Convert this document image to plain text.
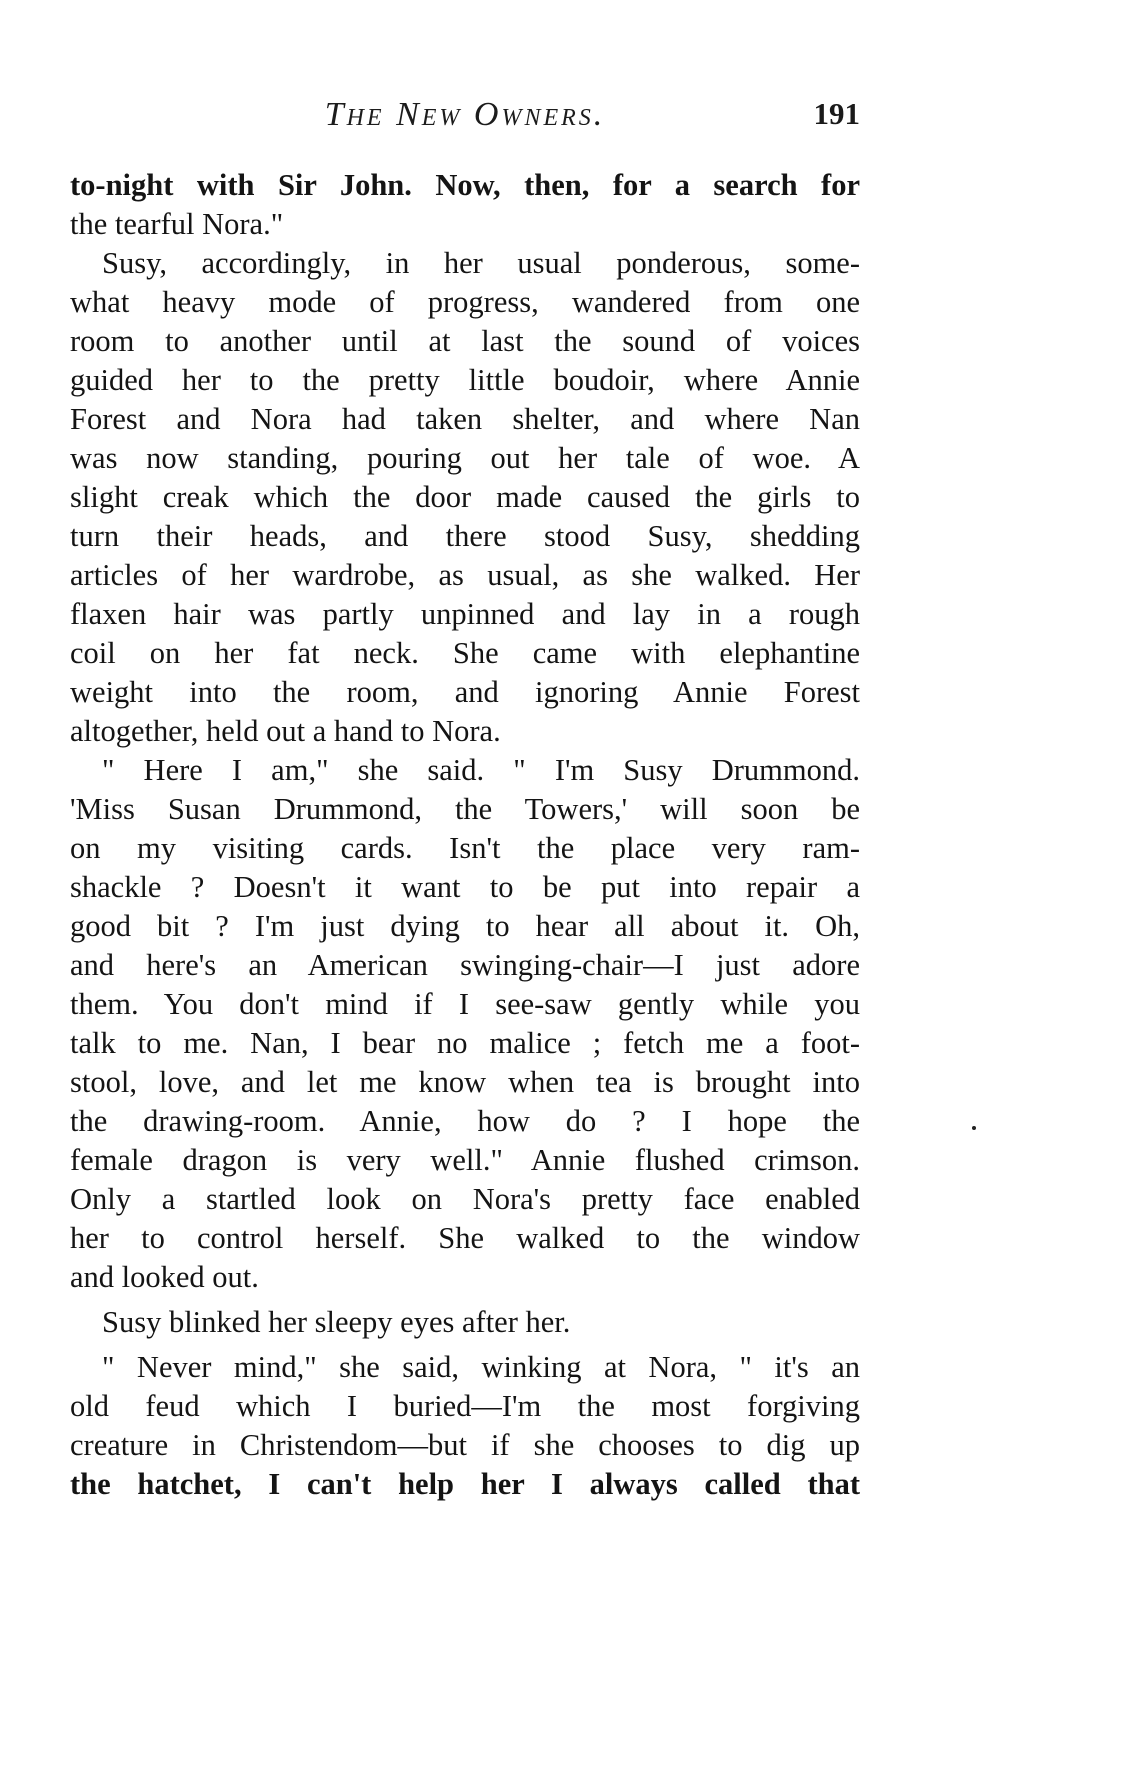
The New Owners.	191
to-night with Sir John. Now, then, for a search for
the tearful Nora."
Susy, accordingly, in her usual ponderous, some-
what heavy mode of progress, wandered from one
room to another until at last the sound of voices
guided her to the pretty little boudoir, where Annie
Forest and Nora had taken shelter, and where Nan
was now standing, pouring out her tale of woe. A
slight creak which the door made caused the girls to
turn their heads, and there stood Susy, shedding
articles of her wardrobe, as usual, as she walked. Her
flaxen hair was partly unpinned and lay in a rough
coil on her fat neck. She came with elephantine
weight into the room, and ignoring Annie Forest
altogether, held out a hand to Nora.
" Here I am," she said. " I'm Susy Drummond.
'Miss Susan Drummond, the Towers,' will soon be
on my visiting cards. Isn't the place very ram-
shackle ? Doesn't it want to be put into repair a
good bit ? I'm just dying to hear all about it. Oh,
and here's an American swinging-chair—I just adore
them. You don't mind if I see-saw gently while you
talk to me. Nan, I bear no malice ; fetch me a foot-
stool, love, and let me know when tea is brought into
the drawing-room. Annie, how do ? I hope the
female dragon is very well." Annie flushed crimson.
Only a startled look on Nora's pretty face enabled
her to control herself. She walked to the window
and looked out.
Susy blinked her sleepy eyes after her.
" Never mind," she said, winking at Nora, " it's an
old feud which I buried—I'm the most forgiving
creature in Christendom—but if she chooses to dig up
the hatchet, I can't help her I always called that
